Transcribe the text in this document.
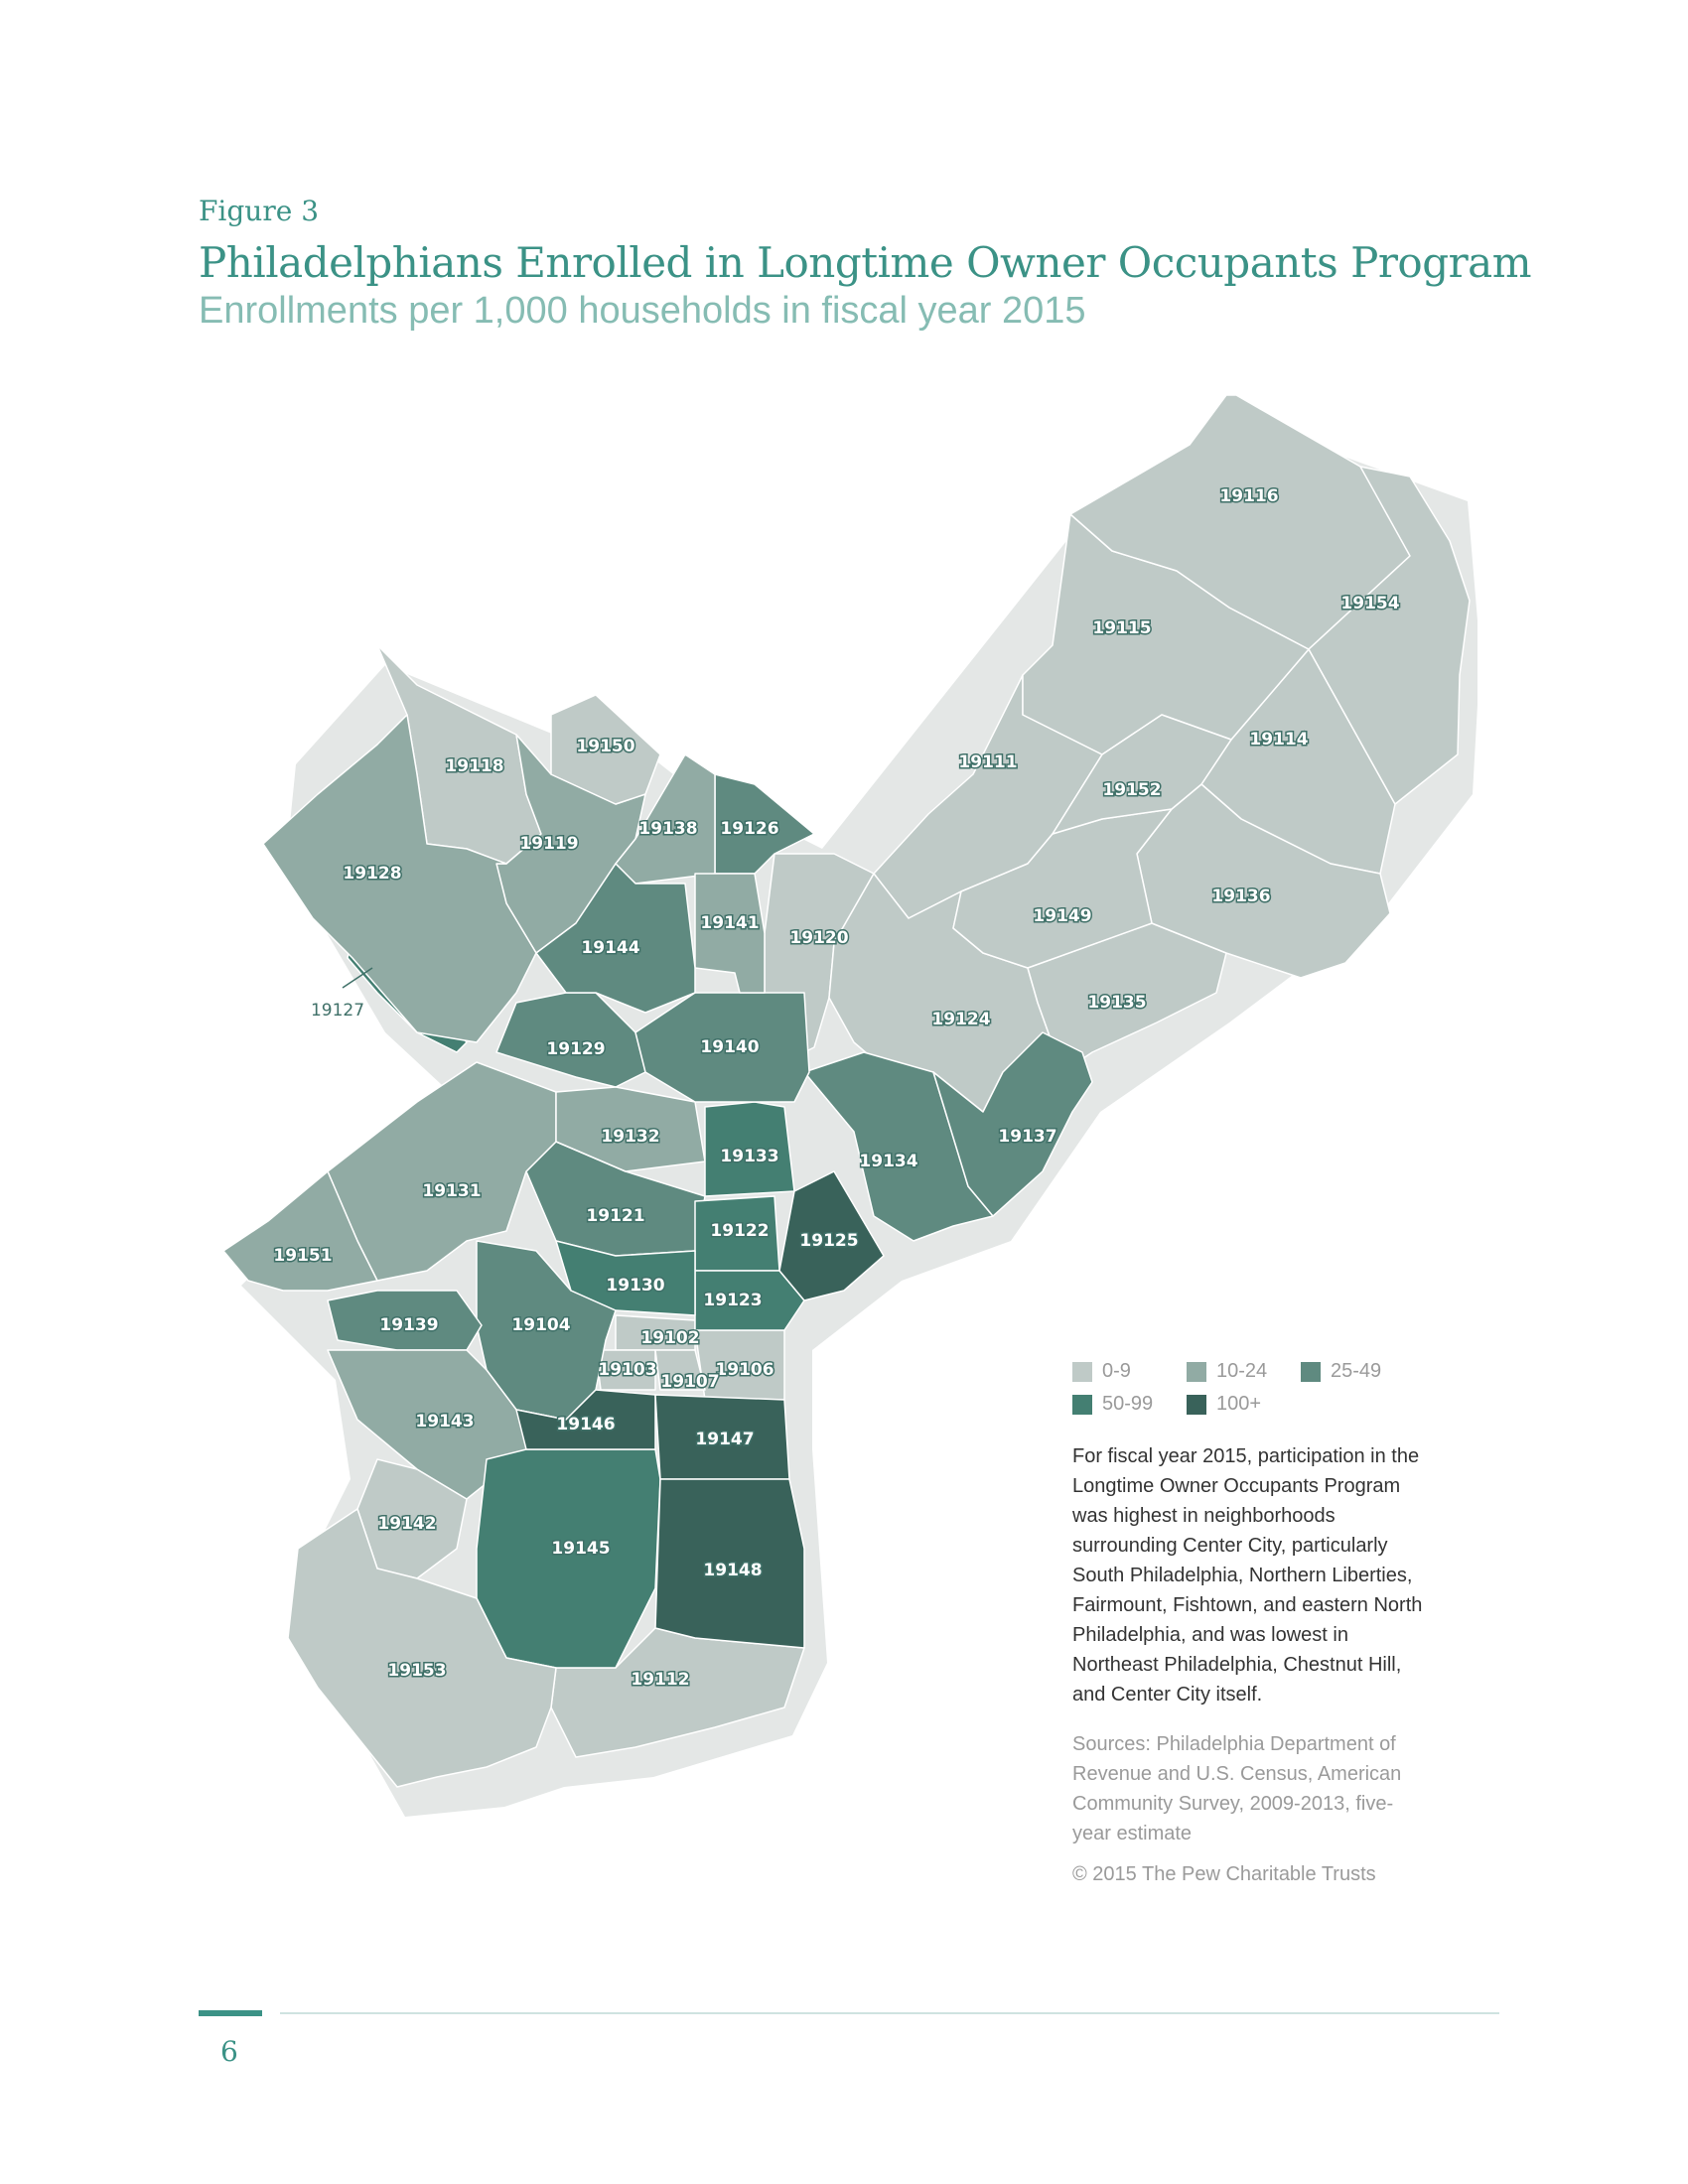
Figure 3
Philadelphians Enrolled in Longtime Owner Occupants Program
Enrollments per 1,000 households in fiscal year 2015
19102
19103
19104
19106
19107
19111
19112
19114
19115
19116
19118
19119
19120
19121
19122
19123
19124
19125
19126
19127
19128
19129
19130
19131
19132
19133	19134
19135
19136
19137
19138
19139
19140
19141
19142
19143
19144
19145
19146
19147
19148
19149
19150
19151
19152
19153
19154
0-9	10-24	25-49
50-99	100+
For fiscal year 2015, participation in the Longtime Owner Occupants Program was highest in neighborhoods surrounding Center City, particularly South Philadelphia, Northern Liberties, Fairmount, Fishtown, and eastern North Philadelphia, and was lowest in Northeast Philadelphia, Chestnut Hill, and Center City itself.
Sources: Philadelphia Department of Revenue and U.S. Census, American Community Survey, 2009-2013, five-year estimate
© 2015 The Pew Charitable Trusts
6
